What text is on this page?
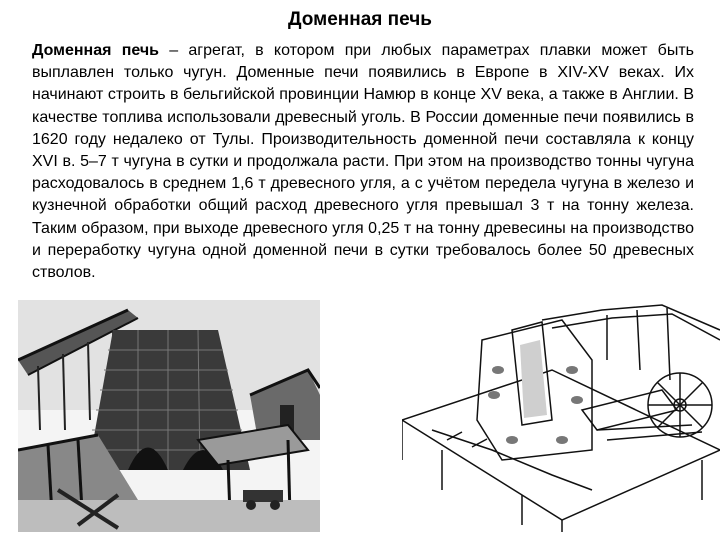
Доменная печь
Доменная печь – агрегат, в котором при любых параметрах плавки может быть выплавлен только чугун. Доменные печи появились в Европе в XIV-XV веках. Их начинают строить в бельгийской провинции Намюр в конце XV века, а также в Англии. В качестве топлива использовали древесный уголь. В России доменные печи появились в 1620 году недалеко от Тулы. Производительность доменной печи составляла к концу XVI в. 5–7 т чугуна в сутки и продолжала расти. При этом на производство тонны чугуна расходовалось в среднем 1,6 т древесного угля, а с учётом передела чугуна в железо и кузнечной обработки общий расход древесного угля превышал 3 т на тонну железа. Таким образом, при выходе древесного угля 0,25 т на тонну древесины на производство и переработку чугуна одной доменной печи в сутки требовалось более 50 древесных стволов.
